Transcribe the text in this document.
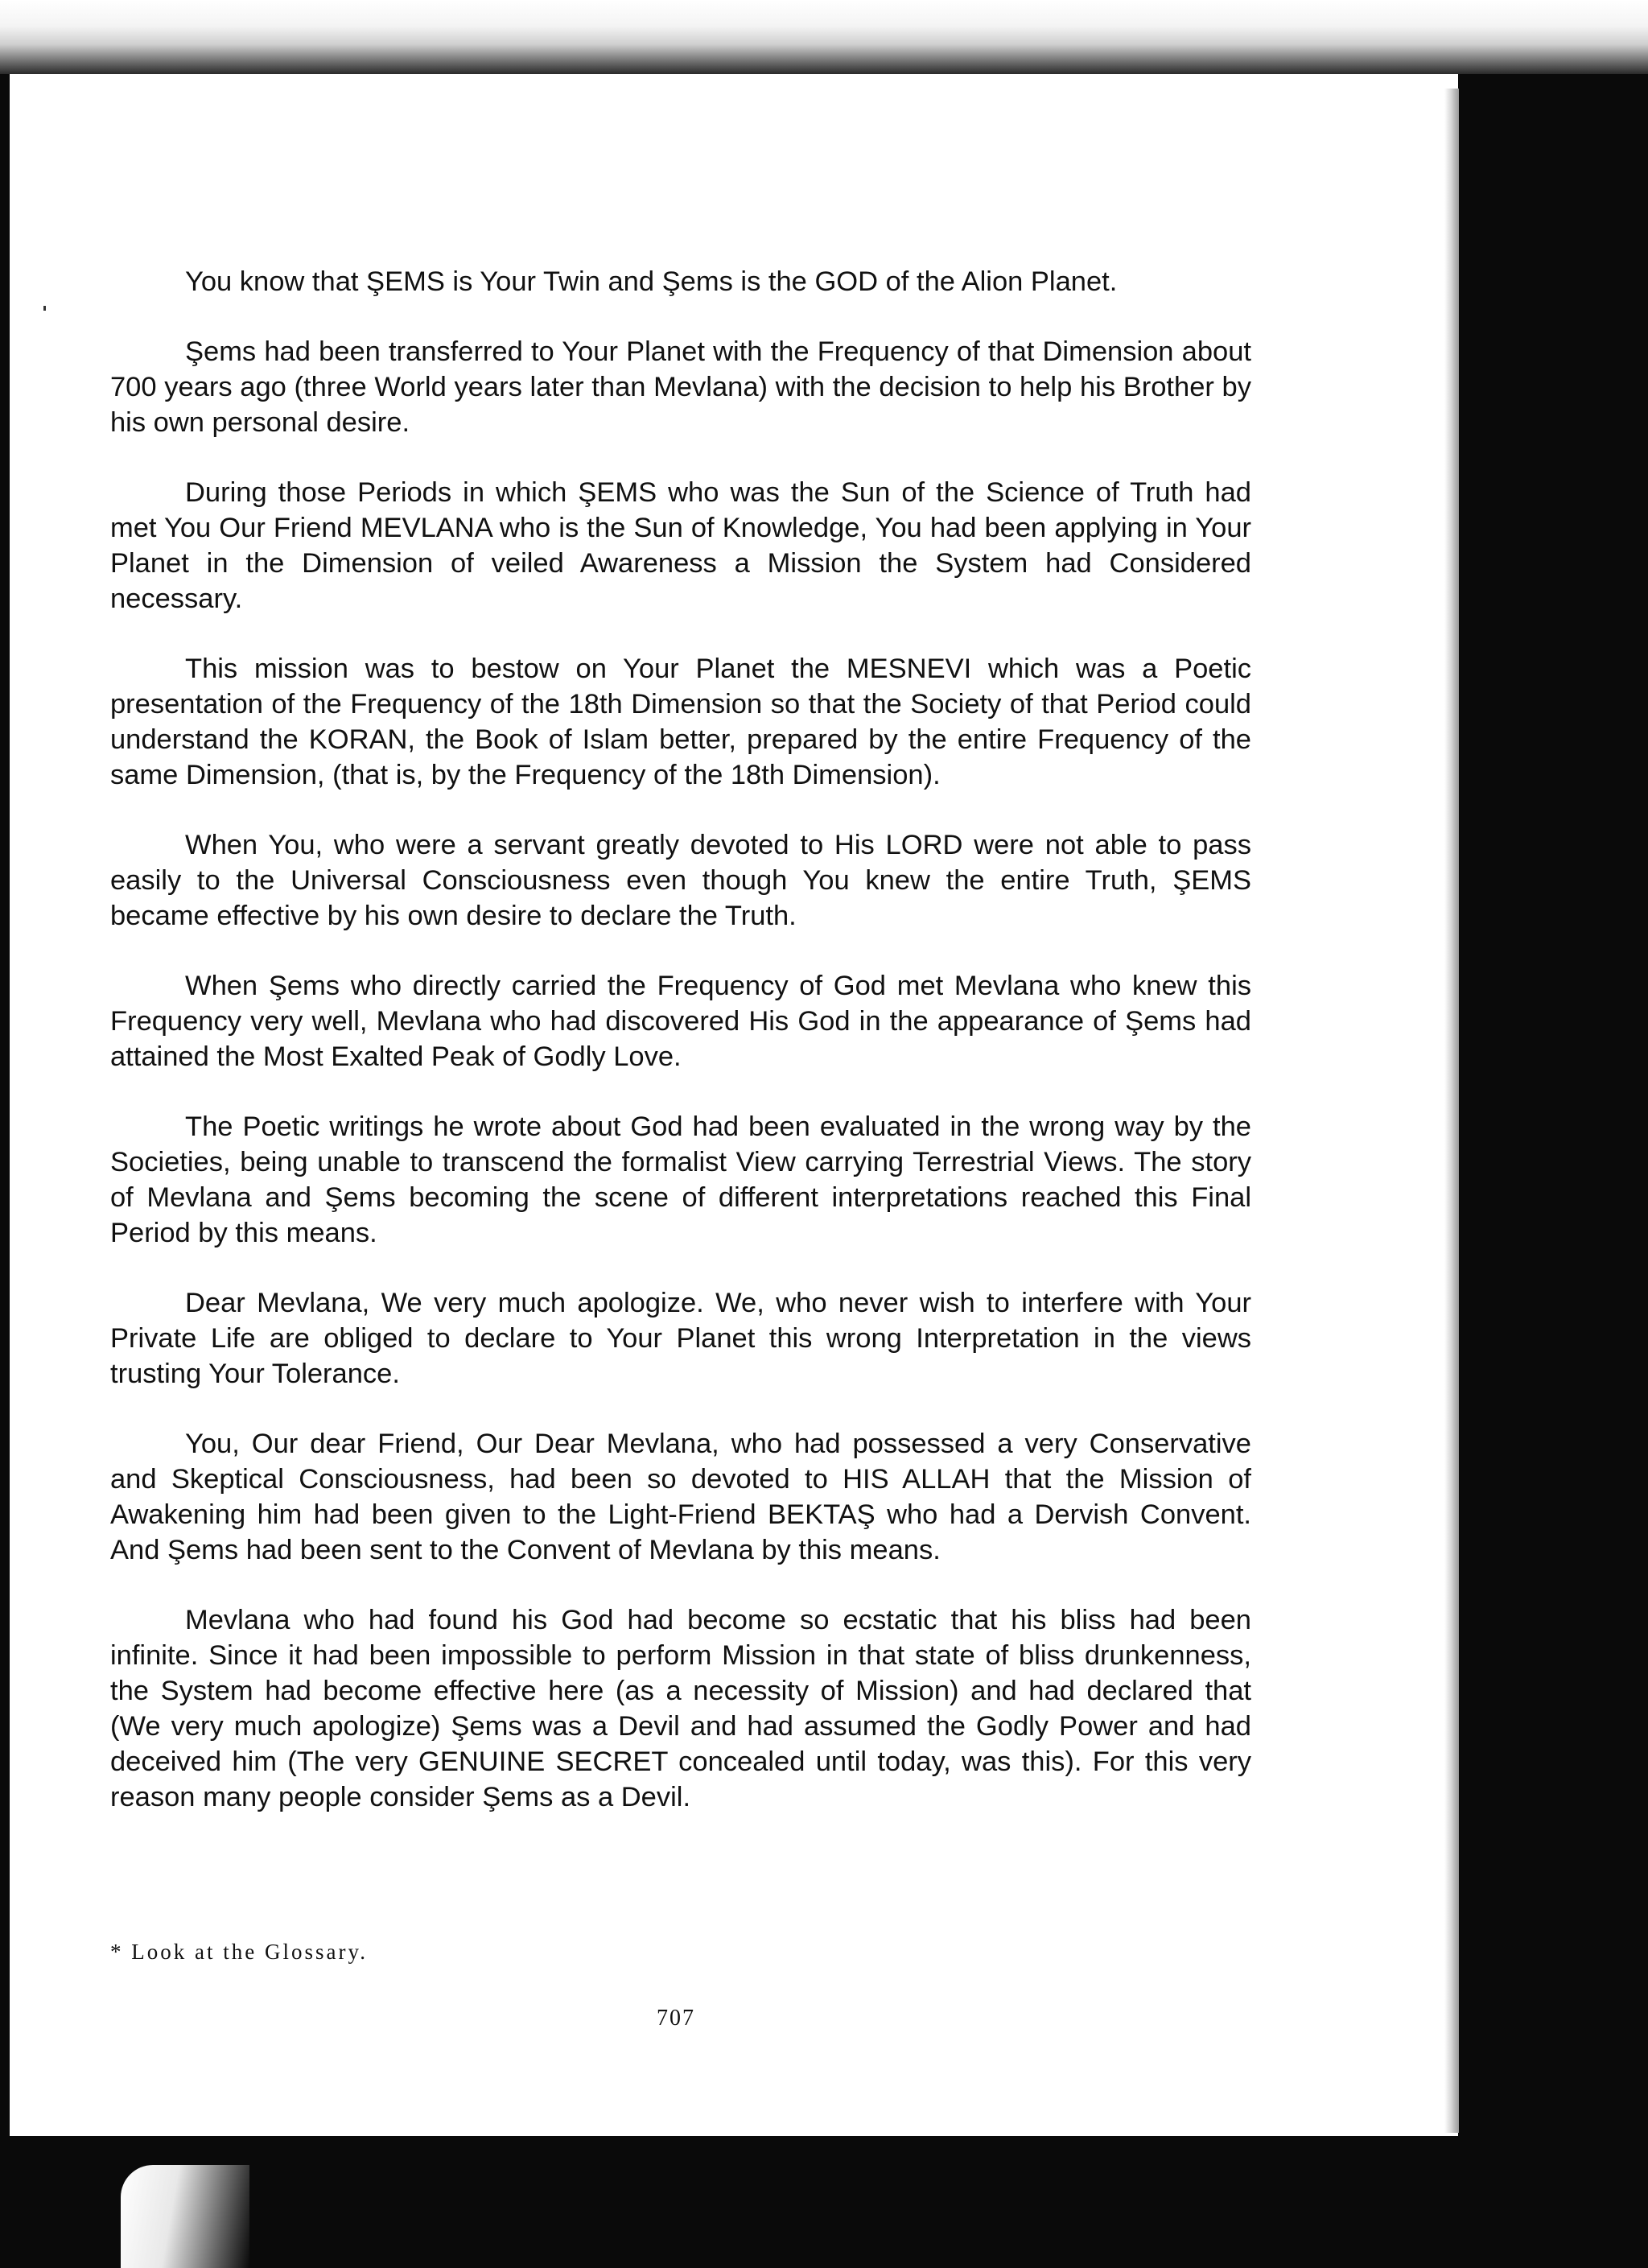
You know that ŞEMS is Your Twin and Şems is the GOD of the Alion Planet.

Şems had been transferred to Your Planet with the Frequency of that Dimension about 700 years ago (three World years later than Mevlana) with the decision to help his Brother by his own personal desire.

During those Periods in which ŞEMS who was the Sun of the Science of Truth had met You Our Friend MEVLANA who is the Sun of Knowledge, You had been applying in Your Planet in the Dimension of veiled Awareness a Mission the System had Considered necessary.

This mission was to bestow on Your Planet the MESNEVI which was a Poetic presentation of the Frequency of the 18th Dimension so that the Society of that Period could understand the KORAN, the Book of Islam better, prepared by the entire Frequency of the same Dimension, (that is, by the Frequency of the 18th Dimension).

When You, who were a servant greatly devoted to His LORD were not able to pass easily to the Universal Consciousness even though You knew the entire Truth, ŞEMS became effective by his own desire to declare the Truth.

When Şems who directly carried the Frequency of God met Mevlana who knew this Frequency very well, Mevlana who had discovered His God in the appearance of Şems had attained the Most Exalted Peak of Godly Love.

The Poetic writings he wrote about God had been evaluated in the wrong way by the Societies, being unable to transcend the formalist View carrying Terrestrial Views. The story of Mevlana and Şems becoming the scene of different interpretations reached this Final Period by this means.

Dear Mevlana, We very much apologize. We, who never wish to interfere with Your Private Life are obliged to declare to Your Planet this wrong Interpretation in the views trusting Your Tolerance.

You, Our dear Friend, Our Dear Mevlana, who had possessed a very Conservative and Skeptical Consciousness, had been so devoted to HIS ALLAH that the Mission of Awakening him had been given to the Light-Friend BEKTAŞ who had a Dervish Convent. And Şems had been sent to the Convent of Mevlana by this means.

Mevlana who had found his God had become so ecstatic that his bliss had been infinite. Since it had been impossible to perform Mission in that state of bliss drunkenness, the System had become effective here (as a necessity of Mission) and had declared that (We very much apologize) Şems was a Devil and had assumed the Godly Power and had deceived him (The very GENUINE SECRET concealed until today, was this). For this very reason many people consider Şems as a Devil.

* Look at the Glossary.
707
